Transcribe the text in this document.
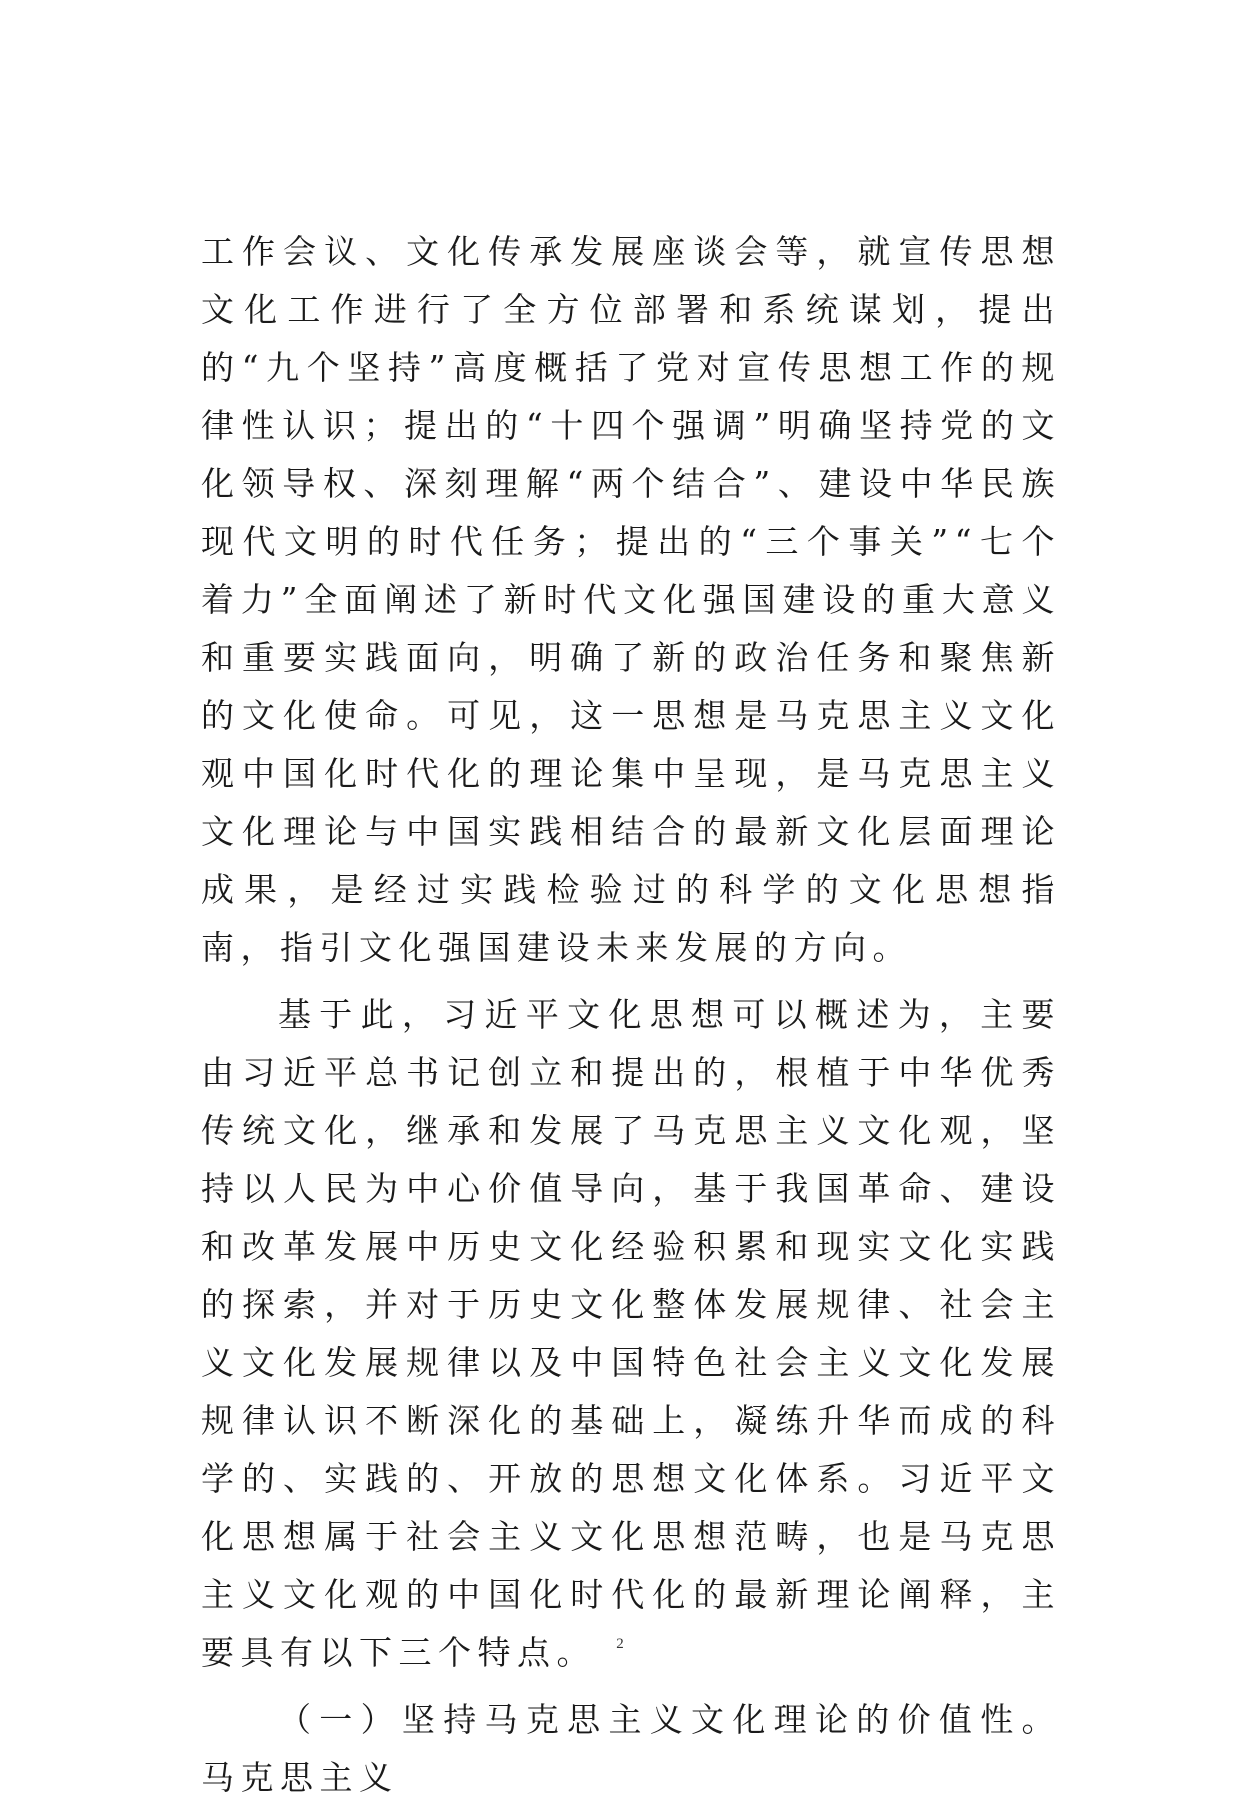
工作会议、文化传承发展座谈会等，就宣传思想文化工作进行了全方位部署和系统谋划，提出的“九个坚持”高度概括了党对宣传思想工作的规律性认识；提出的“十四个强调”明确坚持党的文化领导权、深刻理解“两个结合”、建设中华民族现代文明的时代任务；提出的“三个事关”“七个着力”全面阐述了新时代文化强国建设的重大意义和重要实践面向，明确了新的政治任务和聚焦新的文化使命。可见，这一思想是马克思主义文化观中国化时代化的理论集中呈现，是马克思主义文化理论与中国实践相结合的最新文化层面理论成果，是经过实践检验过的科学的文化思想指南，指引文化强国建设未来发展的方向。

基于此，习近平文化思想可以概述为，主要由习近平总书记创立和提出的，根植于中华优秀传统文化，继承和发展了马克思主义文化观，坚持以人民为中心价值导向，基于我国革命、建设和改革发展中历史文化经验积累和现实文化实践的探索，并对于历史文化整体发展规律、社会主义文化发展规律以及中国特色社会主义文化发展规律认识不断深化的基础上，凝练升华而成的科学的、实践的、开放的思想文化体系。习近平文化思想属于社会主义文化思想范畴，也是马克思主义文化观的中国化时代化的最新理论阐释，主要具有以下三个特点。

（一）坚持马克思主义文化理论的价值性。马克思主义

2
